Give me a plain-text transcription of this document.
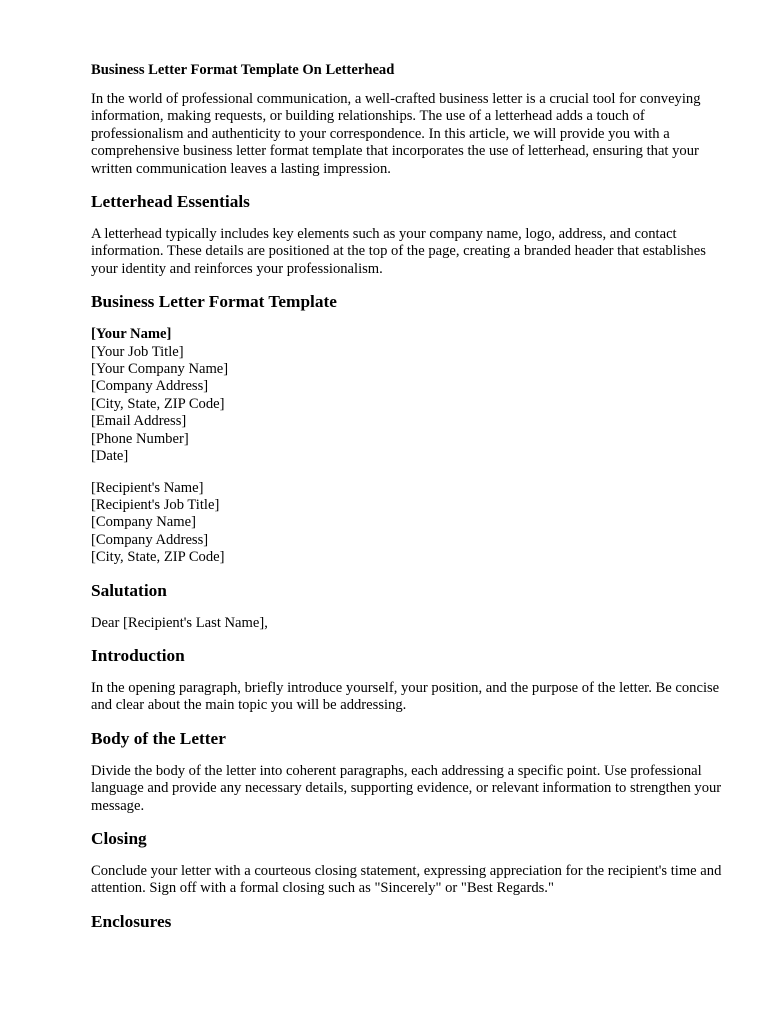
Business Letter Format Template On Letterhead

In the world of professional communication, a well-crafted business letter is a crucial tool for conveying information, making requests, or building relationships. The use of a letterhead adds a touch of professionalism and authenticity to your correspondence. In this article, we will provide you with a comprehensive business letter format template that incorporates the use of letterhead, ensuring that your written communication leaves a lasting impression.

Letterhead Essentials

A letterhead typically includes key elements such as your company name, logo, address, and contact information. These details are positioned at the top of the page, creating a branded header that establishes your identity and reinforces your professionalism.

Business Letter Format Template
[Your Name]
[Your Job Title]
[Your Company Name]
[Company Address]
[City, State, ZIP Code]
[Email Address]
[Phone Number]
[Date]
[Recipient's Name]
[Recipient's Job Title]
[Company Name]
[Company Address]
[City, State, ZIP Code]
Salutation

Dear [Recipient's Last Name],

Introduction

In the opening paragraph, briefly introduce yourself, your position, and the purpose of the letter. Be concise and clear about the main topic you will be addressing.

Body of the Letter

Divide the body of the letter into coherent paragraphs, each addressing a specific point. Use professional language and provide any necessary details, supporting evidence, or relevant information to strengthen your message.

Closing

Conclude your letter with a courteous closing statement, expressing appreciation for the recipient's time and attention. Sign off with a formal closing such as "Sincerely" or "Best Regards."

Enclosures
